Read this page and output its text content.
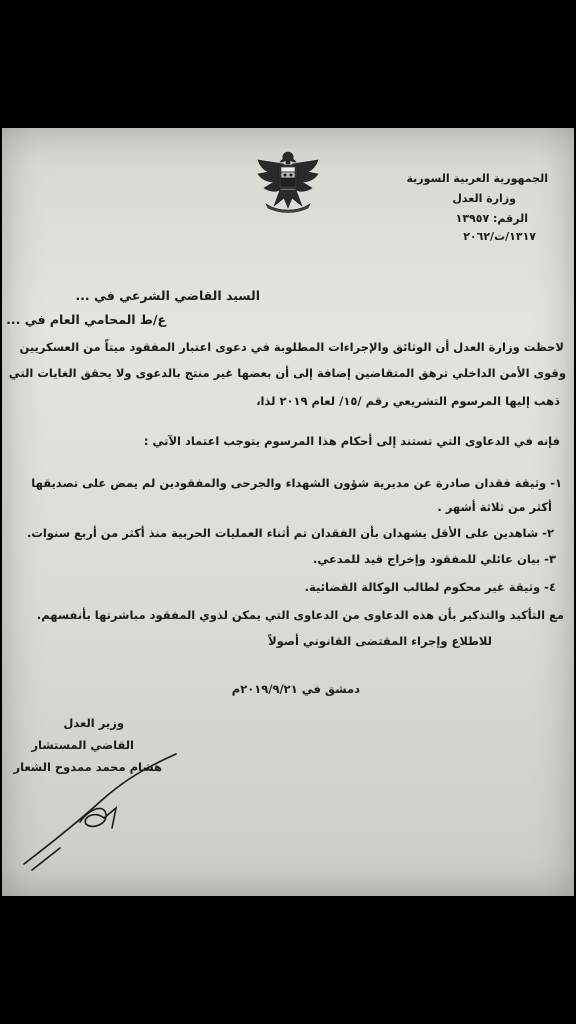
الجمهورية العربية السورية
وزارة العدل
الرقم: ١٣٩٥٧
١٣١٧/ت/٢٠٦٢
السيد القاضي الشرعي في ...
ع/ط المحامي العام في ...
لاحظت وزارة العدل أن الوثائق والإجراءات المطلوبة في دعوى اعتبار المفقود ميتاً من العسكريين
وقوى الأمن الداخلي ترهق المتقاضين إضافة إلى أن بعضها غير منتج بالدعوى ولا يحقق الغايات التي
ذهب إليها المرسوم التشريعي رقم /١٥/ لعام ٢٠١٩ لذا،
فإنه في الدعاوى التي تستند إلى أحكام هذا المرسوم يتوجب اعتماد الآتي :
١- وثيقة فقدان صادرة عن مديرية شؤون الشهداء والجرحى والمفقودين لم يمض على تصديقها
أكثر من ثلاثة أشهر .
٢- شاهدين على الأقل يشهدان بأن الفقدان تم أثناء العمليات الحربية منذ أكثر من أربع سنوات.
٣- بيان عائلي للمفقود وإخراج قيد للمدعي.
٤- وثيقة غير محكوم لطالب الوكالة القضائية.
مع التأكيد والتذكير بأن هذه الدعاوى من الدعاوى التي يمكن لذوي المفقود مباشرتها بأنفسهم.
للاطلاع وإجراء المقتضى القانوني أصولاً
دمشق في ٢٠١٩/٩/٢١م
وزير العدل
القاضي المستشار
هشام محمد ممدوح الشعار
